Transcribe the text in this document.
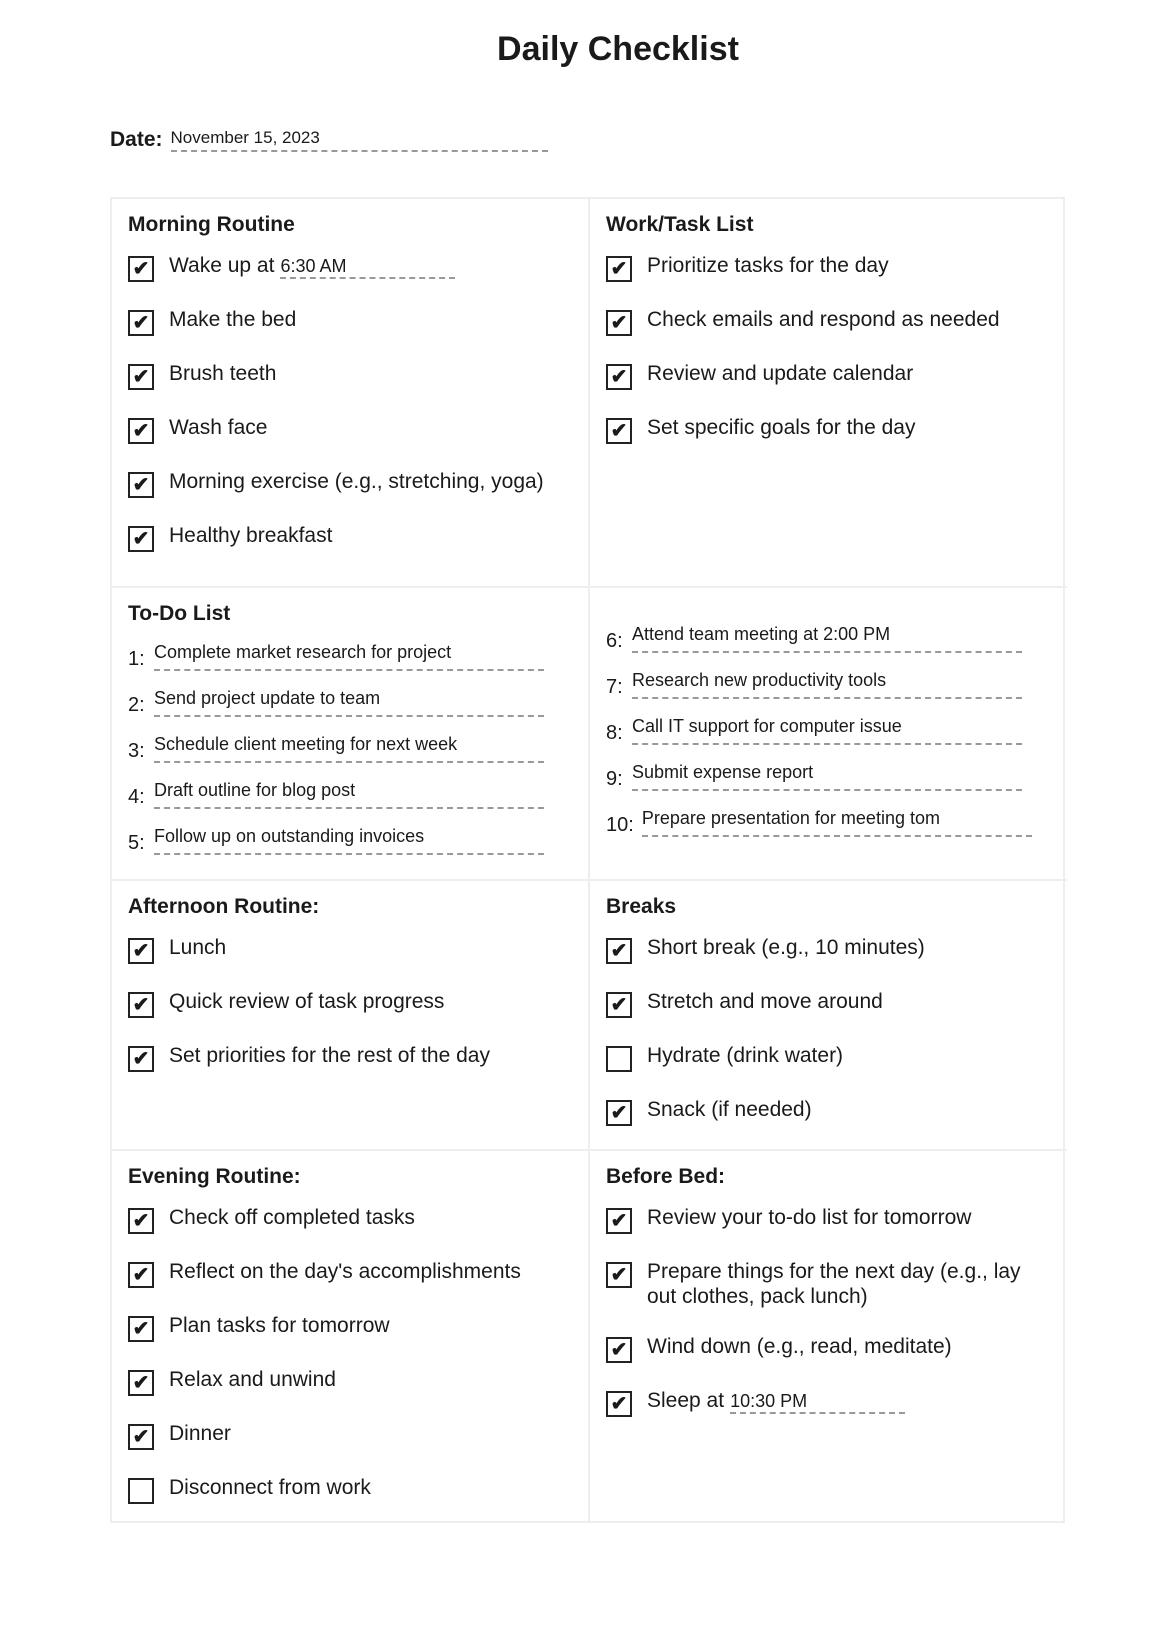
Daily Checklist
Date: November 15, 2023
Morning Routine
✔ Wake up at 6:30 AM
✔ Make the bed
✔ Brush teeth
✔ Wash face
✔ Morning exercise (e.g., stretching, yoga)
✔ Healthy breakfast
Work/Task List
✔ Prioritize tasks for the day
✔ Check emails and respond as needed
✔ Review and update calendar
✔ Set specific goals for the day
To-Do List
1: Complete market research for project
2: Send project update to team
3: Schedule client meeting for next week
4: Draft outline for blog post
5: Follow up on outstanding invoices
6: Attend team meeting at 2:00 PM
7: Research new productivity tools
8: Call IT support for computer issue
9: Submit expense report
10: Prepare presentation for meeting tom
Afternoon Routine:
✔ Lunch
✔ Quick review of task progress
✔ Set priorities for the rest of the day
Breaks
✔ Short break (e.g., 10 minutes)
✔ Stretch and move around
Hydrate (drink water)
✔ Snack (if needed)
Evening Routine:
✔ Check off completed tasks
✔ Reflect on the day's accomplishments
✔ Plan tasks for tomorrow
✔ Relax and unwind
✔ Dinner
Disconnect from work
Before Bed:
✔ Review your to-do list for tomorrow
✔ Prepare things for the next day (e.g., lay out clothes, pack lunch)
✔ Wind down (e.g., read, meditate)
✔ Sleep at 10:30 PM
